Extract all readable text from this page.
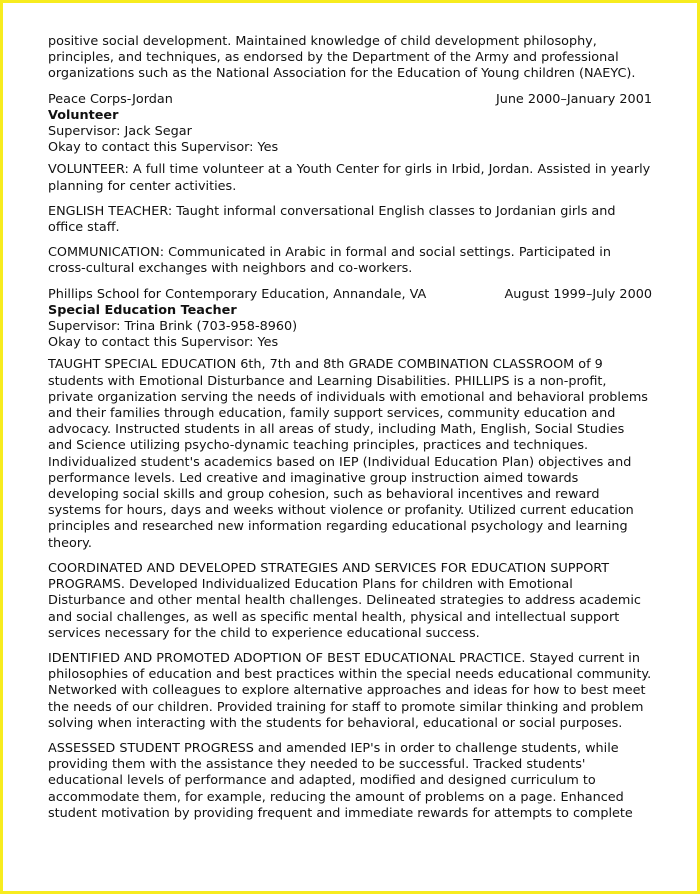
positive social development. Maintained knowledge of child development philosophy, principles, and techniques, as endorsed by the Department of the Army and professional organizations such as the National Association for the Education of Young children (NAEYC).

Peace Corps-Jordan	June 2000–January 2001
Volunteer
Supervisor: Jack Segar
Okay to contact this Supervisor: Yes

VOLUNTEER: A full time volunteer at a Youth Center for girls in Irbid, Jordan. Assisted in yearly planning for center activities.

ENGLISH TEACHER: Taught informal conversational English classes to Jordanian girls and office staff.

COMMUNICATION: Communicated in Arabic in formal and social settings. Participated in cross-cultural exchanges with neighbors and co-workers.

Phillips School for Contemporary Education, Annandale, VA	August 1999–July 2000
Special Education Teacher
Supervisor: Trina Brink (703-958-8960)
Okay to contact this Supervisor: Yes

TAUGHT SPECIAL EDUCATION 6th, 7th and 8th GRADE COMBINATION CLASSROOM of 9 students with Emotional Disturbance and Learning Disabilities. PHILLIPS is a non-profit, private organization serving the needs of individuals with emotional and behavioral problems and their families through education, family support services, community education and advocacy. Instructed students in all areas of study, including Math, English, Social Studies and Science utilizing psycho-dynamic teaching principles, practices and techniques. Individualized student's academics based on IEP (Individual Education Plan) objectives and performance levels. Led creative and imaginative group instruction aimed towards developing social skills and group cohesion, such as behavioral incentives and reward systems for hours, days and weeks without violence or profanity. Utilized current education principles and researched new information regarding educational psychology and learning theory.

COORDINATED AND DEVELOPED STRATEGIES AND SERVICES FOR EDUCATION SUPPORT PROGRAMS. Developed Individualized Education Plans for children with Emotional Disturbance and other mental health challenges. Delineated strategies to address academic and social challenges, as well as specific mental health, physical and intellectual support services necessary for the child to experience educational success.

IDENTIFIED AND PROMOTED ADOPTION OF BEST EDUCATIONAL PRACTICE. Stayed current in philosophies of education and best practices within the special needs educational community. Networked with colleagues to explore alternative approaches and ideas for how to best meet the needs of our children. Provided training for staff to promote similar thinking and problem solving when interacting with the students for behavioral, educational or social purposes.

ASSESSED STUDENT PROGRESS and amended IEP's in order to challenge students, while providing them with the assistance they needed to be successful. Tracked students' educational levels of performance and adapted, modified and designed curriculum to accommodate them, for example, reducing the amount of problems on a page. Enhanced student motivation by providing frequent and immediate rewards for attempts to complete
